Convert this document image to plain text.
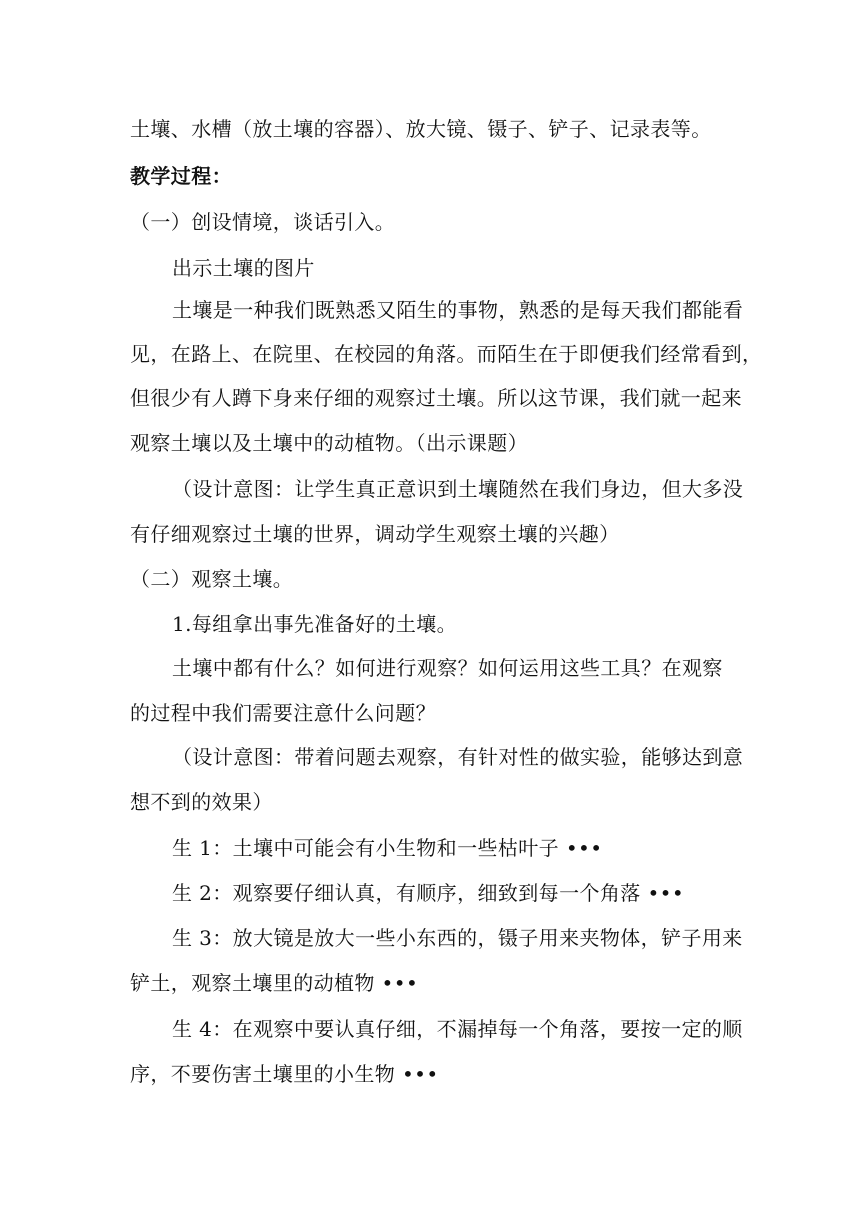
土壤、水槽（放土壤的容器）、放大镜、镊子、铲子、记录表等。
教学过程：
（一）创设情境，谈话引入。
出示土壤的图片
土壤是一种我们既熟悉又陌生的事物，熟悉的是每天我们都能看
见，在路上、在院里、在校园的角落。而陌生在于即便我们经常看到，
但很少有人蹲下身来仔细的观察过土壤。所以这节课，我们就一起来
观察土壤以及土壤中的动植物。（出示课题）
（设计意图：让学生真正意识到土壤随然在我们身边，但大多没
有仔细观察过土壤的世界，调动学生观察土壤的兴趣）
（二）观察土壤。
1.每组拿出事先准备好的土壤。
土壤中都有什么？如何进行观察？如何运用这些工具？在观察
的过程中我们需要注意什么问题？
（设计意图：带着问题去观察，有针对性的做实验，能够达到意
想不到的效果）
生 1：土壤中可能会有小生物和一些枯叶子 •••
生 2：观察要仔细认真，有顺序，细致到每一个角落 •••
生 3：放大镜是放大一些小东西的，镊子用来夹物体，铲子用来
铲土，观察土壤里的动植物 •••
生 4：在观察中要认真仔细，不漏掉每一个角落，要按一定的顺
序，不要伤害土壤里的小生物 •••
